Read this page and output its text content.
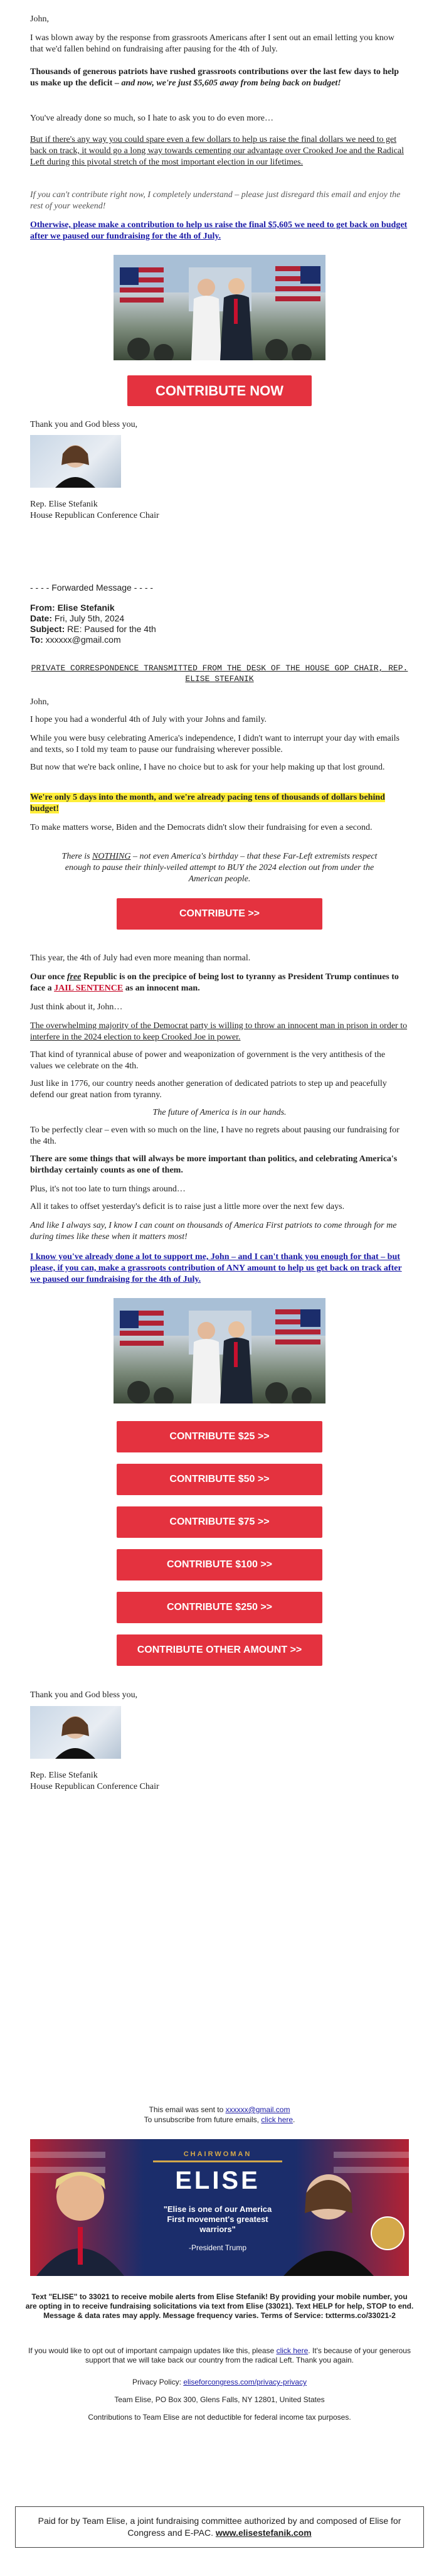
John,

I was blown away by the response from grassroots Americans after I sent out an email letting you know that we'd fallen behind on fundraising after pausing for the 4th of July.

Thousands of generous patriots have rushed grassroots contributions over the last few days to help us make up the deficit – and now, we're just $5,605 away from being back on budget!

You've already done so much, so I hate to ask you to do even more…

But if there's any way you could spare even a few dollars to help us raise the final dollars we need to get back on track, it would go a long way towards cementing our advantage over Crooked Joe and the Radical Left during this pivotal stretch of the most important election in our lifetimes.

If you can't contribute right now, I completely understand – please just disregard this email and enjoy the rest of your weekend!

Otherwise, please make a contribution to help us raise the final $5,605 we need to get back on budget after we paused our fundraising for the 4th of July.

CONTRIBUTE NOW

Thank you and God bless you,

Rep. Elise Stefanik

House Republican Conference Chair

- - - - Forwarded Message - - - -

From: Elise Stefanik

Date: Fri, July 5th, 2024

Subject: RE: Paused for the 4th

To: xxxxxx@gmail.com

PRIVATE CORRESPONDENCE TRANSMITTED FROM THE DESK OF THE HOUSE GOP CHAIR, REP. ELISE STEFANIK

John,

I hope you had a wonderful 4th of July with your Johns and family.

While you were busy celebrating America's independence, I didn't want to interrupt your day with emails and texts, so I told my team to pause our fundraising wherever possible.

But now that we're back online, I have no choice but to ask for your help making up that lost ground.

We're only 5 days into the month, and we're already pacing tens of thousands of dollars behind budget!

To make matters worse, Biden and the Democrats didn't slow their fundraising for even a second.

There is NOTHING – not even America's birthday – that these Far-Left extremists respect enough to pause their thinly-veiled attempt to BUY the 2024 election out from under the American people.

CONTRIBUTE >>

This year, the 4th of July had even more meaning than normal.

Our once free Republic is on the precipice of being lost to tyranny as President Trump continues to face a JAIL SENTENCE as an innocent man.

Just think about it, John…

The overwhelming majority of the Democrat party is willing to throw an innocent man in prison in order to interfere in the 2024 election to keep Crooked Joe in power.

That kind of tyrannical abuse of power and weaponization of government is the very antithesis of the values we celebrate on the 4th.

Just like in 1776, our country needs another generation of dedicated patriots to step up and peacefully defend our great nation from tyranny.

The future of America is in our hands.

To be perfectly clear – even with so much on the line, I have no regrets about pausing our fundraising for the 4th.

There are some things that will always be more important than politics, and celebrating America's birthday certainly counts as one of them.

Plus, it's not too late to turn things around…

All it takes to offset yesterday's deficit is to raise just a little more over the next few days.

And like I always say, I know I can count on thousands of America First patriots to come through for me during times like these when it matters most!

I know you've already done a lot to support me, John – and I can't thank you enough for that – but please, if you can, make a grassroots contribution of ANY amount to help us get back on track after we paused our fundraising for the 4th of July.

CONTRIBUTE $25 >>
CONTRIBUTE $50 >>
CONTRIBUTE $75 >>
CONTRIBUTE $100 >>
CONTRIBUTE $250 >>
CONTRIBUTE OTHER AMOUNT >>

Thank you and God bless you,

Rep. Elise Stefanik

House Republican Conference Chair

This email was sent to xxxxxx@gmail.com

To unsubscribe from future emails, click here.

CHAIRWOMAN
ELISE
"Elise is one of our America First movement's greatest warriors"
-President Trump

Text "ELISE" to 33021 to receive mobile alerts from Elise Stefanik! By providing your mobile number, you are opting in to receive fundraising solicitations via text from Elise (33021). Text HELP for help, STOP to end. Message & data rates may apply. Message frequency varies. Terms of Service: txtterms.co/33021-2

If you would like to opt out of important campaign updates like this, please click here. It's because of your generous support that we will take back our country from the radical Left. Thank you again.

Privacy Policy: eliseforcongress.com/privacy-privacy

Team Elise, PO Box 300, Glens Falls, NY 12801, United States

Contributions to Team Elise are not deductible for federal income tax purposes.

Paid for by Team Elise, a joint fundraising committee authorized by and composed of Elise for Congress and E-PAC. www.elisestefanik.com
